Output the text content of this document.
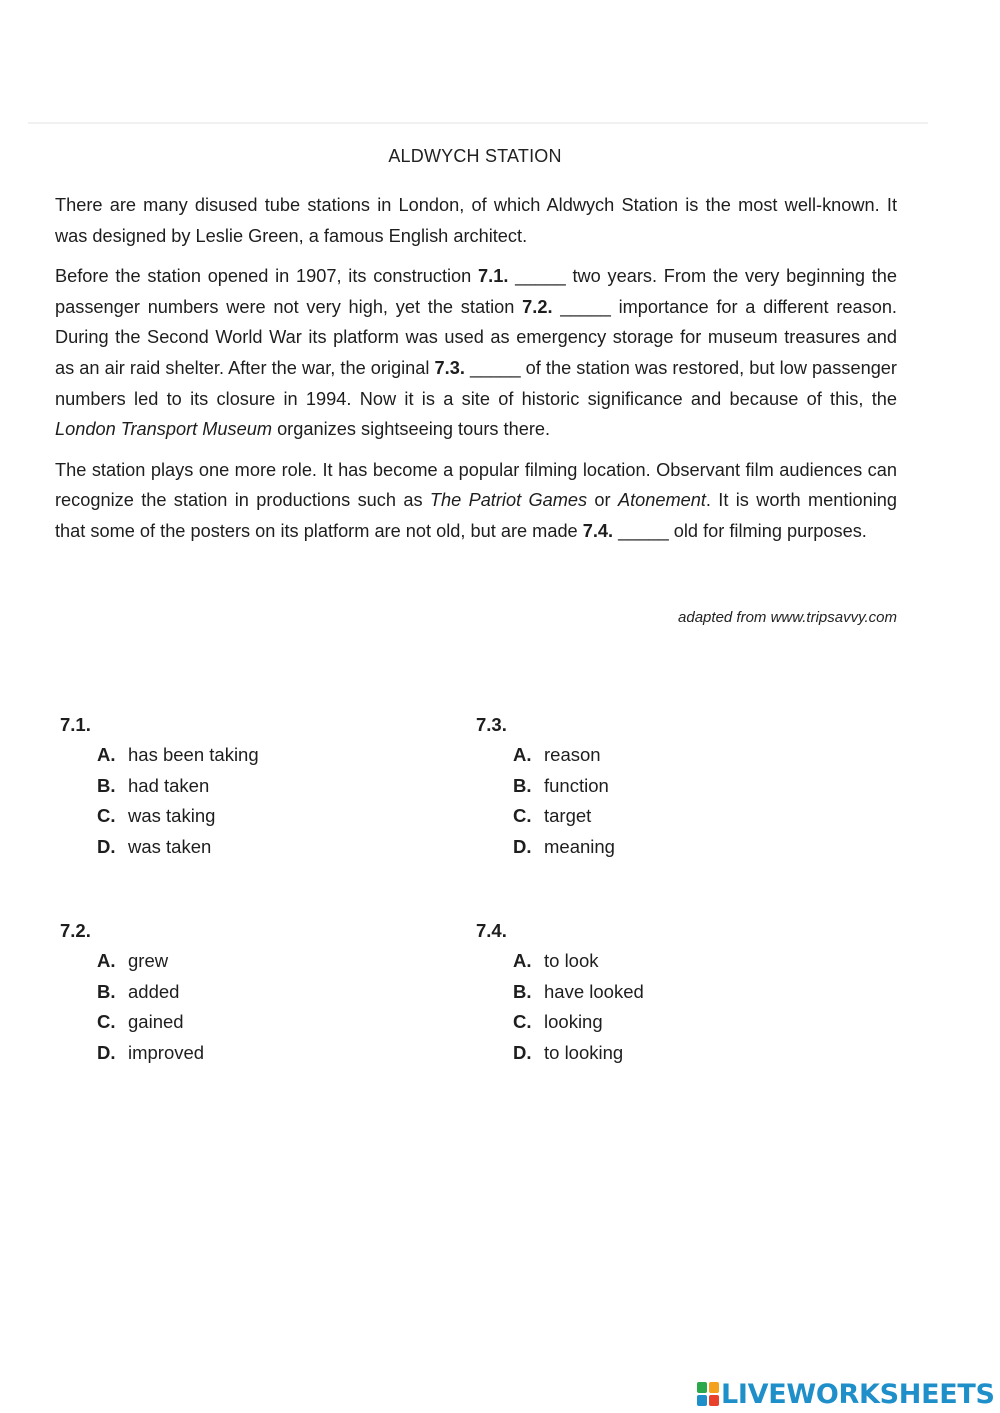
ALDWYCH STATION

There are many disused tube stations in London, of which Aldwych Station is the most well-known. It was designed by Leslie Green, a famous English architect.

Before the station opened in 1907, its construction 7.1. _____ two years. From the very beginning the passenger numbers were not very high, yet the station 7.2. _____ importance for a different reason. During the Second World War its platform was used as emergency storage for museum treasures and as an air raid shelter. After the war, the original 7.3. _____ of the station was restored, but low passenger numbers led to its closure in 1994. Now it is a site of historic significance and because of this, the London Transport Museum organizes sightseeing tours there.

The station plays one more role. It has become a popular filming location. Observant film audiences can recognize the station in productions such as The Patriot Games or Atonement. It is worth mentioning that some of the posters on its platform are not old, but are made 7.4. _____ old for filming purposes.

adapted from www.tripsavvy.com
7.1.
A. has been taking
B. had taken
C. was taking
D. was taken
7.2.
A. grew
B. added
C. gained
D. improved
7.3.
A. reason
B. function
C. target
D. meaning
7.4.
A. to look
B. have looked
C. looking
D. to looking
LIVEWORKSHEETS
